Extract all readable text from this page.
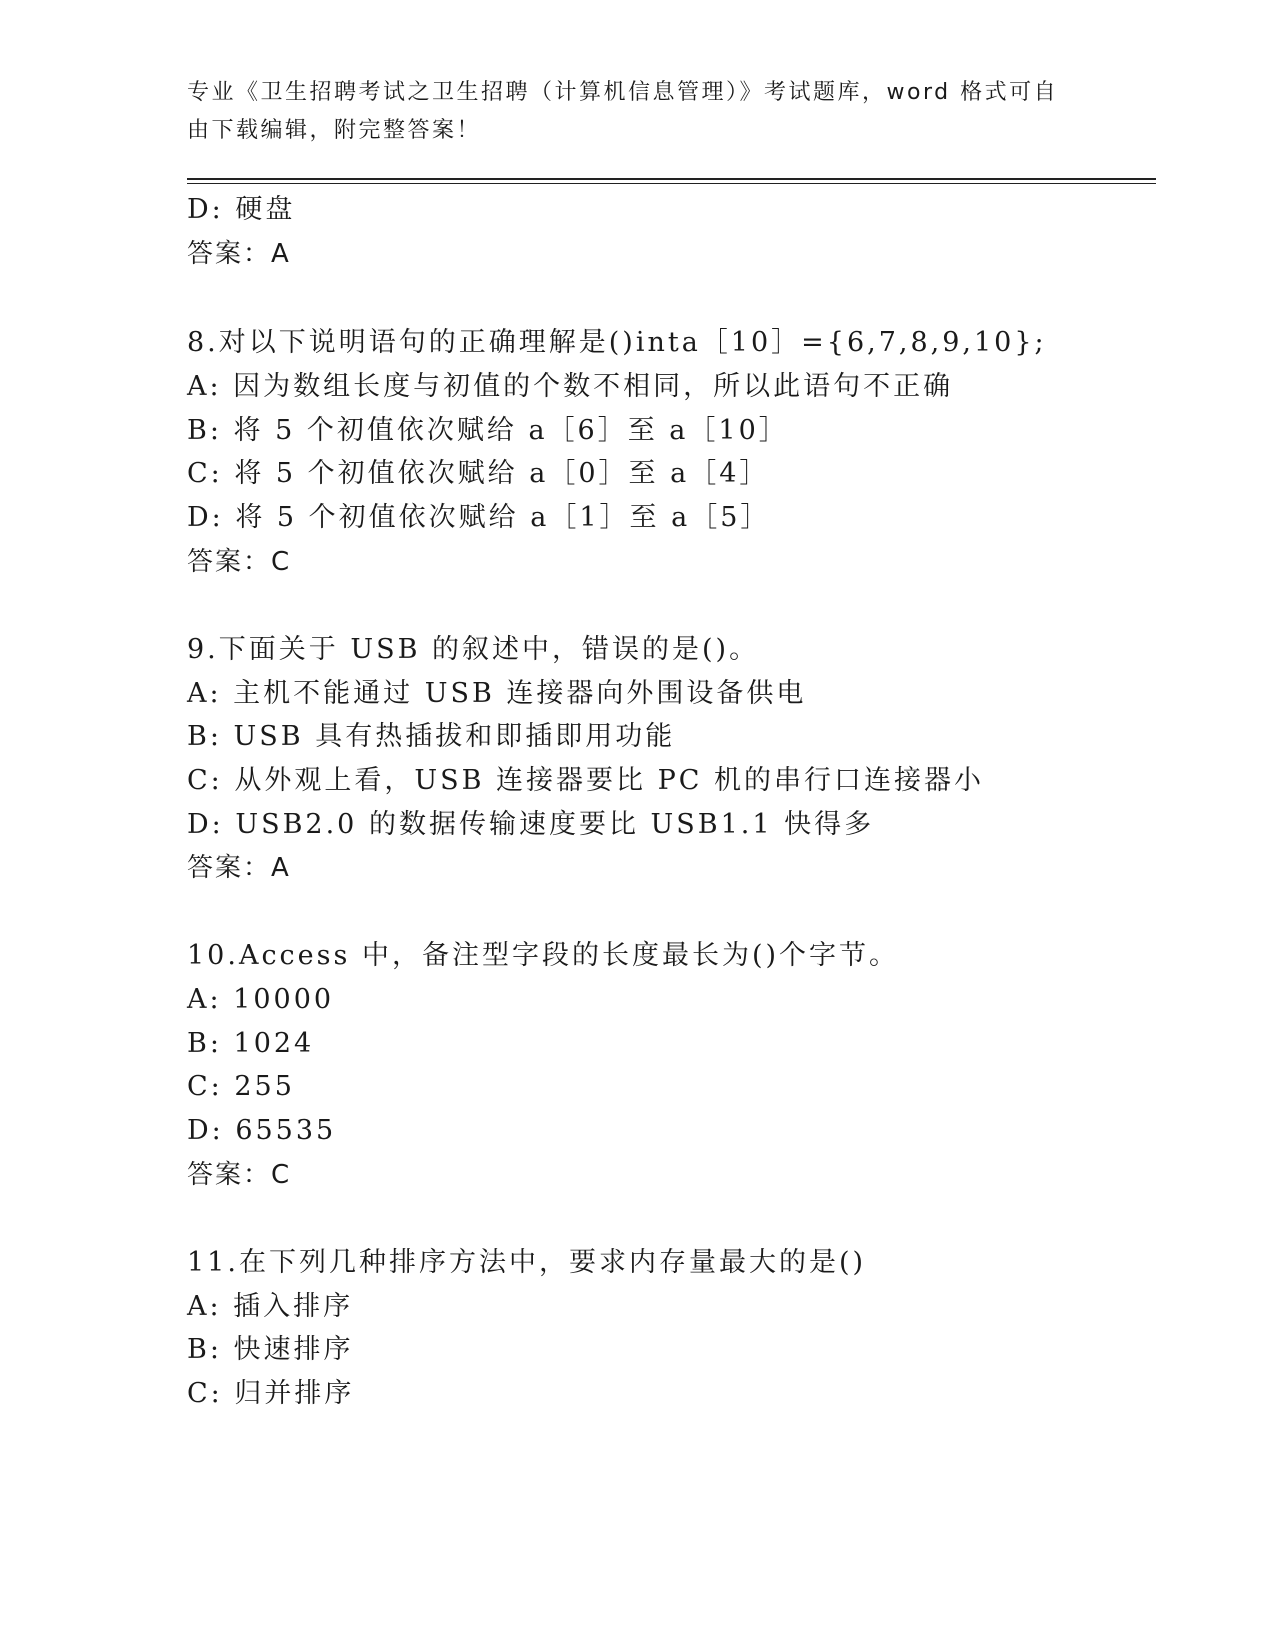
专业《卫生招聘考试之卫生招聘（计算机信息管理）》考试题库，word 格式可自
由下载编辑，附完整答案！
D: 硬盘
答案：A
8.对以下说明语句的正确理解是()inta［10］={6,7,8,9,10};
A: 因为数组长度与初值的个数不相同，所以此语句不正确
B: 将 5 个初值依次赋给 a［6］至 a［10］
C: 将 5 个初值依次赋给 a［0］至 a［4］
D: 将 5 个初值依次赋给 a［1］至 a［5］
答案：C
9.下面关于 USB 的叙述中，错误的是()。
A: 主机不能通过 USB 连接器向外围设备供电
B: USB 具有热插拔和即插即用功能
C: 从外观上看，USB 连接器要比 PC 机的串行口连接器小
D: USB2.0 的数据传输速度要比 USB1.1 快得多
答案：A
10.Access 中，备注型字段的长度最长为()个字节。
A: 10000
B: 1024
C: 255
D: 65535
答案：C
11.在下列几种排序方法中，要求内存量最大的是()
A: 插入排序
B: 快速排序
C: 归并排序
